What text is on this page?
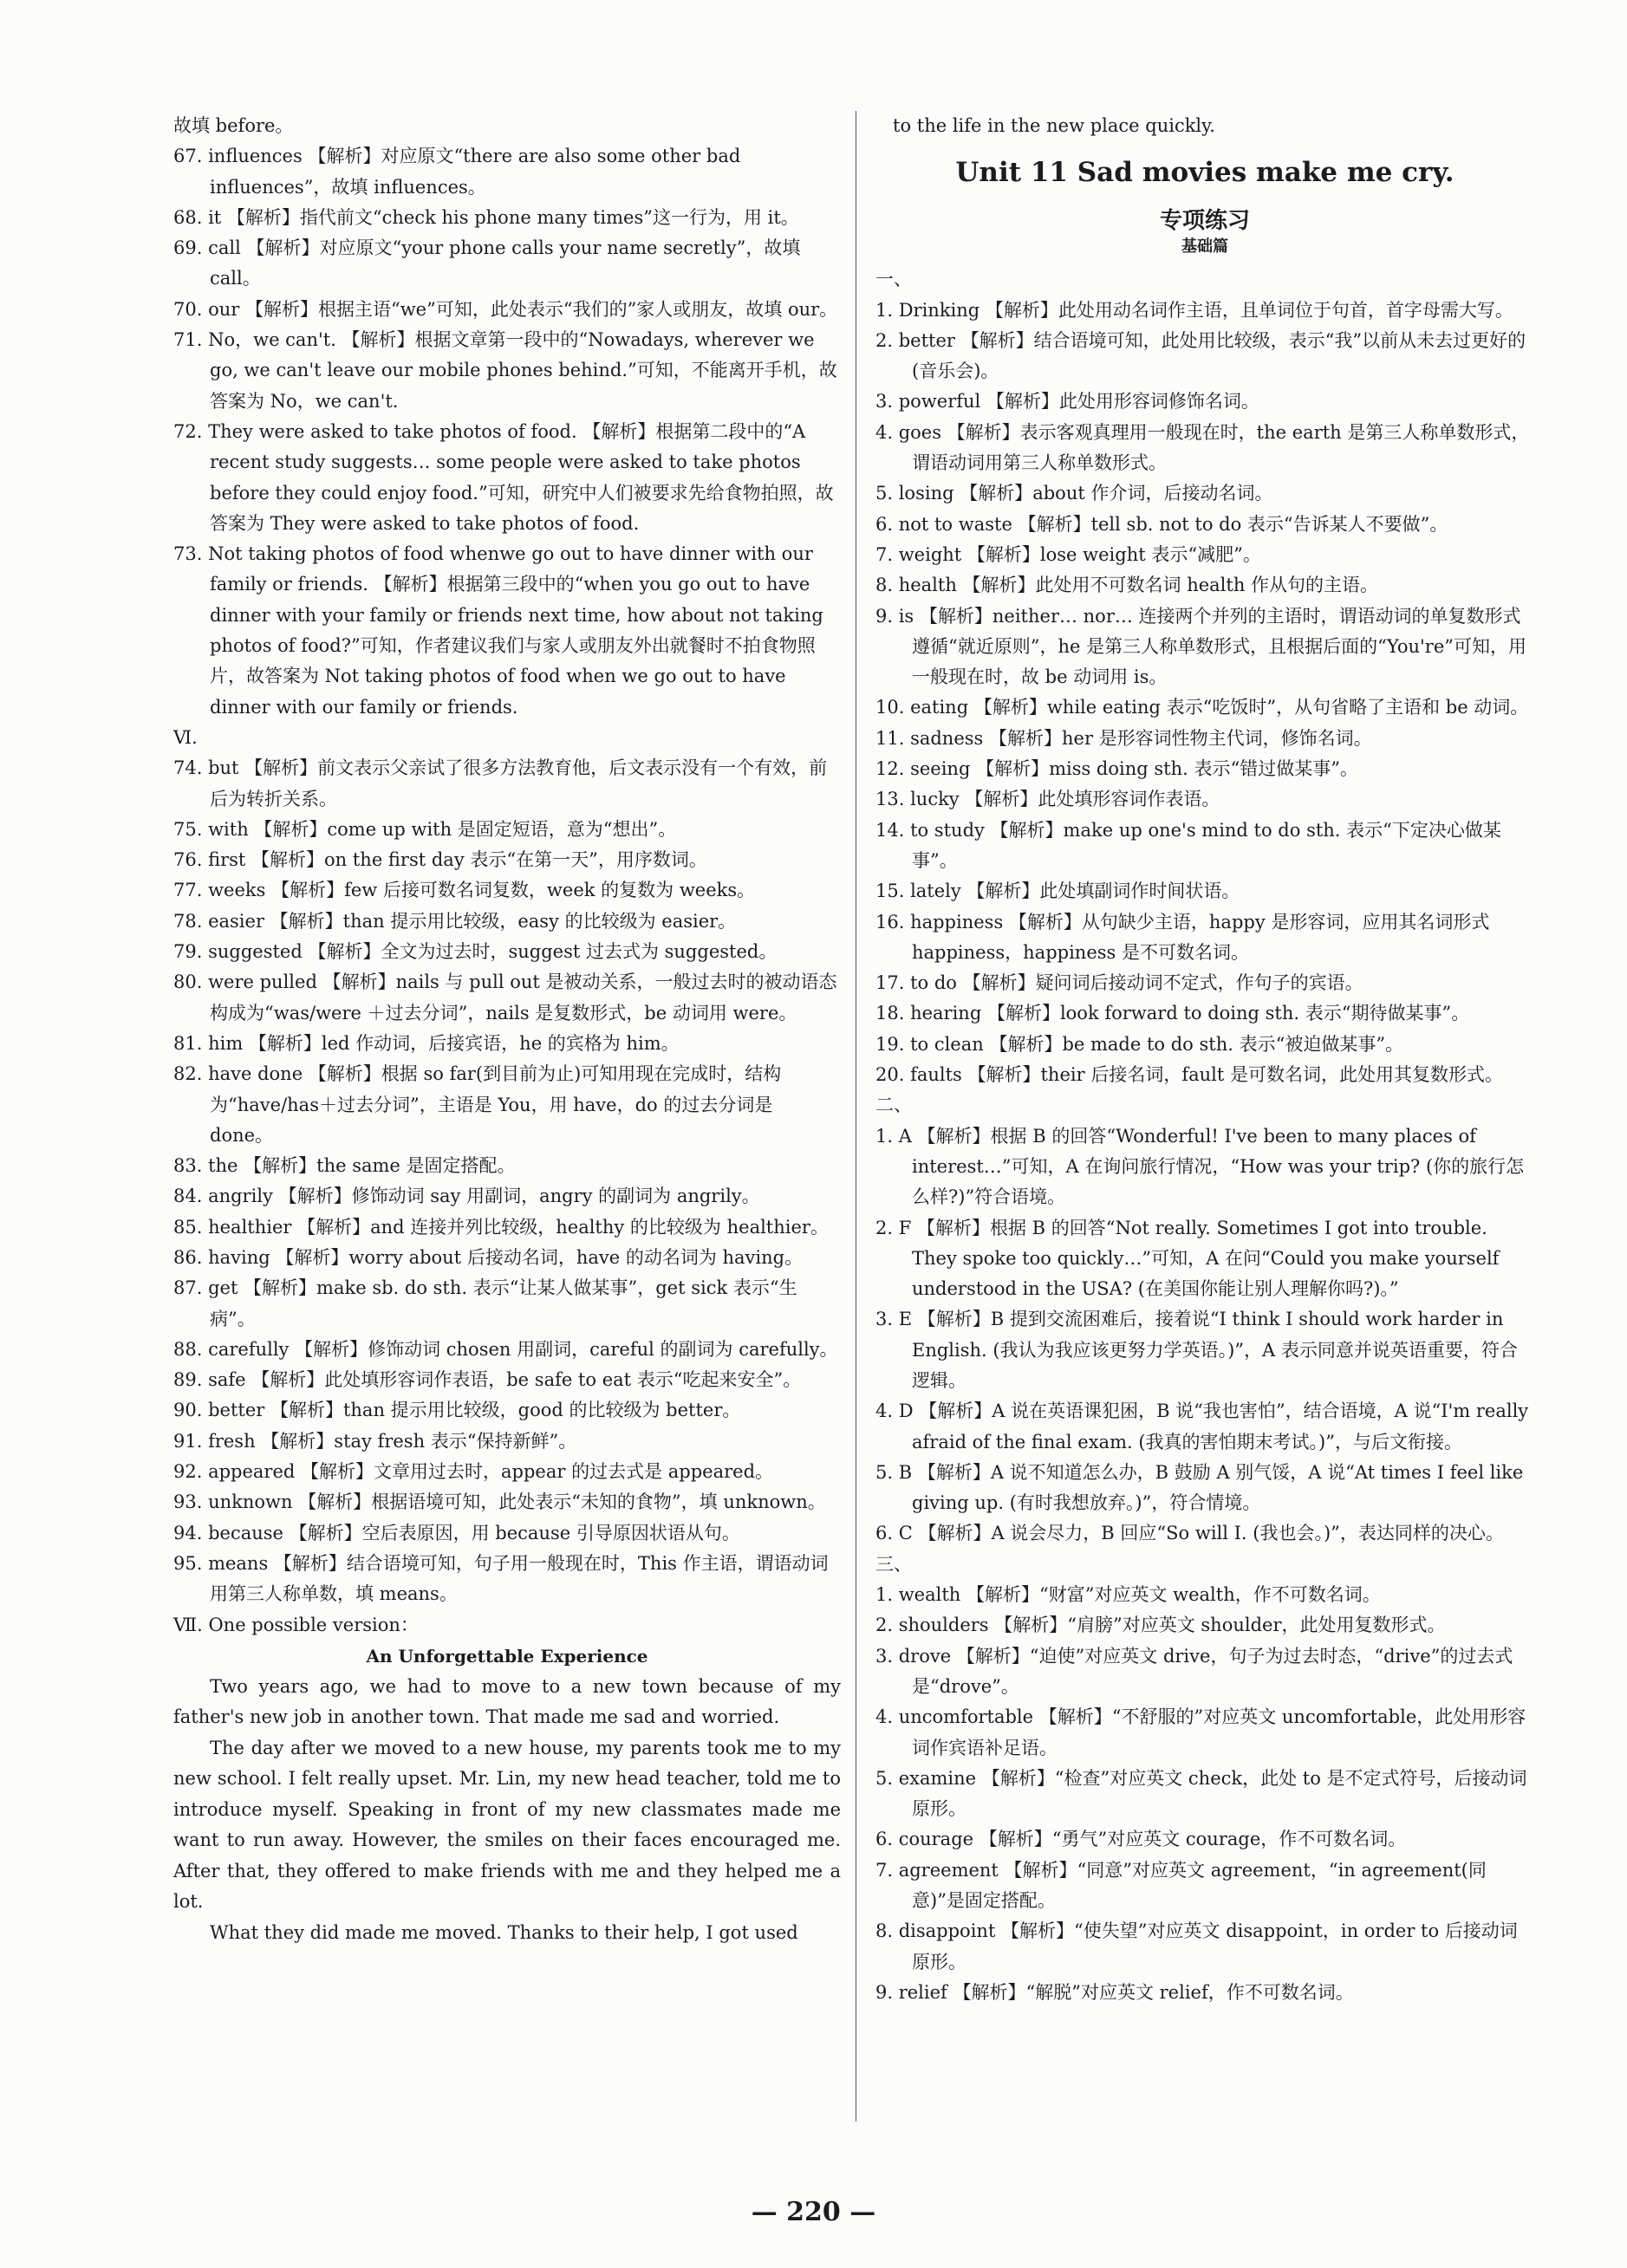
故填 before。

67. influences 【解析】对应原文“there are also some other bad influences”，故填 influences。

68. it 【解析】指代前文“check his phone many times”这一行为，用 it。

69. call 【解析】对应原文“your phone calls your name secretly”，故填 call。

70. our 【解析】根据主语“we”可知，此处表示“我们的”家人或朋友，故填 our。

71. No，we can't. 【解析】根据文章第一段中的“Nowadays, wherever we go, we can't leave our mobile phones behind.”可知，不能离开手机，故答案为 No，we can't.

72. They were asked to take photos of food. 【解析】根据第二段中的“A recent study suggests… some people were asked to take photos before they could enjoy food.”可知，研究中人们被要求先给食物拍照，故答案为 They were asked to take photos of food.

73. Not taking photos of food whenwe go out to have dinner with our family or friends. 【解析】根据第三段中的“when you go out to have dinner with your family or friends next time, how about not taking photos of food?”可知，作者建议我们与家人或朋友外出就餐时不拍食物照片，故答案为 Not taking photos of food when we go out to have dinner with our family or friends.

Ⅵ.

74. but 【解析】前文表示父亲试了很多方法教育他，后文表示没有一个有效，前后为转折关系。

75. with 【解析】come up with 是固定短语，意为“想出”。

76. first 【解析】on the first day 表示“在第一天”，用序数词。

77. weeks 【解析】few 后接可数名词复数，week 的复数为 weeks。

78. easier 【解析】than 提示用比较级，easy 的比较级为 easier。

79. suggested 【解析】全文为过去时，suggest 过去式为 suggested。

80. were pulled 【解析】nails 与 pull out 是被动关系，一般过去时的被动语态构成为“was/were ＋过去分词”，nails 是复数形式，be 动词用 were。

81. him 【解析】led 作动词，后接宾语，he 的宾格为 him。

82. have done 【解析】根据 so far(到目前为止)可知用现在完成时，结构为“have/has＋过去分词”，主语是 You，用 have，do 的过去分词是 done。

83. the 【解析】the same 是固定搭配。

84. angrily 【解析】修饰动词 say 用副词，angry 的副词为 angrily。

85. healthier 【解析】and 连接并列比较级，healthy 的比较级为 healthier。

86. having 【解析】worry about 后接动名词，have 的动名词为 having。

87. get 【解析】make sb. do sth. 表示“让某人做某事”，get sick 表示“生病”。

88. carefully 【解析】修饰动词 chosen 用副词，careful 的副词为 carefully。

89. safe 【解析】此处填形容词作表语，be safe to eat 表示“吃起来安全”。

90. better 【解析】than 提示用比较级，good 的比较级为 better。

91. fresh 【解析】stay fresh 表示“保持新鲜”。

92. appeared 【解析】文章用过去时，appear 的过去式是 appeared。

93. unknown 【解析】根据语境可知，此处表示“未知的食物”，填 unknown。

94. because 【解析】空后表原因，用 because 引导原因状语从句。

95. means 【解析】结合语境可知，句子用一般现在时，This 作主语，谓语动词用第三人称单数，填 means。

Ⅶ. One possible version：

An Unforgettable Experience

Two years ago, we had to move to a new town because of my father's new job in another town. That made me sad and worried.

The day after we moved to a new house, my parents took me to my new school. I felt really upset. Mr. Lin, my new head teacher, told me to introduce myself. Speaking in front of my new classmates made me want to run away. However, the smiles on their faces encouraged me. After that, they offered to make friends with me and they helped me a lot.

What they did made me moved. Thanks to their help, I got used

to the life in the new place quickly.

Unit 11 Sad movies make me cry.

专项练习

基础篇

一、

1. Drinking 【解析】此处用动名词作主语，且单词位于句首，首字母需大写。

2. better 【解析】结合语境可知，此处用比较级，表示“我”以前从未去过更好的(音乐会)。

3. powerful 【解析】此处用形容词修饰名词。

4. goes 【解析】表示客观真理用一般现在时，the earth 是第三人称单数形式，谓语动词用第三人称单数形式。

5. losing 【解析】about 作介词，后接动名词。

6. not to waste 【解析】tell sb. not to do 表示“告诉某人不要做”。

7. weight 【解析】lose weight 表示“减肥”。

8. health 【解析】此处用不可数名词 health 作从句的主语。

9. is 【解析】neither… nor… 连接两个并列的主语时，谓语动词的单复数形式遵循“就近原则”，he 是第三人称单数形式，且根据后面的“You're”可知，用一般现在时，故 be 动词用 is。

10. eating 【解析】while eating 表示“吃饭时”，从句省略了主语和 be 动词。

11. sadness 【解析】her 是形容词性物主代词，修饰名词。

12. seeing 【解析】miss doing sth. 表示“错过做某事”。

13. lucky 【解析】此处填形容词作表语。

14. to study 【解析】make up one's mind to do sth. 表示“下定决心做某事”。

15. lately 【解析】此处填副词作时间状语。

16. happiness 【解析】从句缺少主语，happy 是形容词，应用其名词形式 happiness，happiness 是不可数名词。

17. to do 【解析】疑问词后接动词不定式，作句子的宾语。

18. hearing 【解析】look forward to doing sth. 表示“期待做某事”。

19. to clean 【解析】be made to do sth. 表示“被迫做某事”。

20. faults 【解析】their 后接名词，fault 是可数名词，此处用其复数形式。

二、

1. A 【解析】根据 B 的回答“Wonderful! I've been to many places of interest…”可知，A 在询问旅行情况，“How was your trip? (你的旅行怎么样?)”符合语境。

2. F 【解析】根据 B 的回答“Not really. Sometimes I got into trouble. They spoke too quickly…”可知，A 在问“Could you make yourself understood in the USA? (在美国你能让别人理解你吗?)。”

3. E 【解析】B 提到交流困难后，接着说“I think I should work harder in English. (我认为我应该更努力学英语。)”，A 表示同意并说英语重要，符合逻辑。

4. D 【解析】A 说在英语课犯困，B 说“我也害怕”，结合语境，A 说“I'm really afraid of the final exam. (我真的害怕期末考试。)”，与后文衔接。

5. B 【解析】A 说不知道怎么办，B 鼓励 A 别气馁，A 说“At times I feel like giving up. (有时我想放弃。)”，符合情境。

6. C 【解析】A 说会尽力，B 回应“So will I. (我也会。)”，表达同样的决心。

三、

1. wealth 【解析】“财富”对应英文 wealth，作不可数名词。

2. shoulders 【解析】“肩膀”对应英文 shoulder，此处用复数形式。

3. drove 【解析】“迫使”对应英文 drive，句子为过去时态，“drive”的过去式是“drove”。

4. uncomfortable 【解析】“不舒服的”对应英文 uncomfortable，此处用形容词作宾语补足语。

5. examine 【解析】“检查”对应英文 check，此处 to 是不定式符号，后接动词原形。

6. courage 【解析】“勇气”对应英文 courage，作不可数名词。

7. agreement 【解析】“同意”对应英文 agreement，“in agreement(同意)”是固定搭配。

8. disappoint 【解析】“使失望”对应英文 disappoint，in order to 后接动词原形。

9. relief 【解析】“解脱”对应英文 relief，作不可数名词。

— 220 —
